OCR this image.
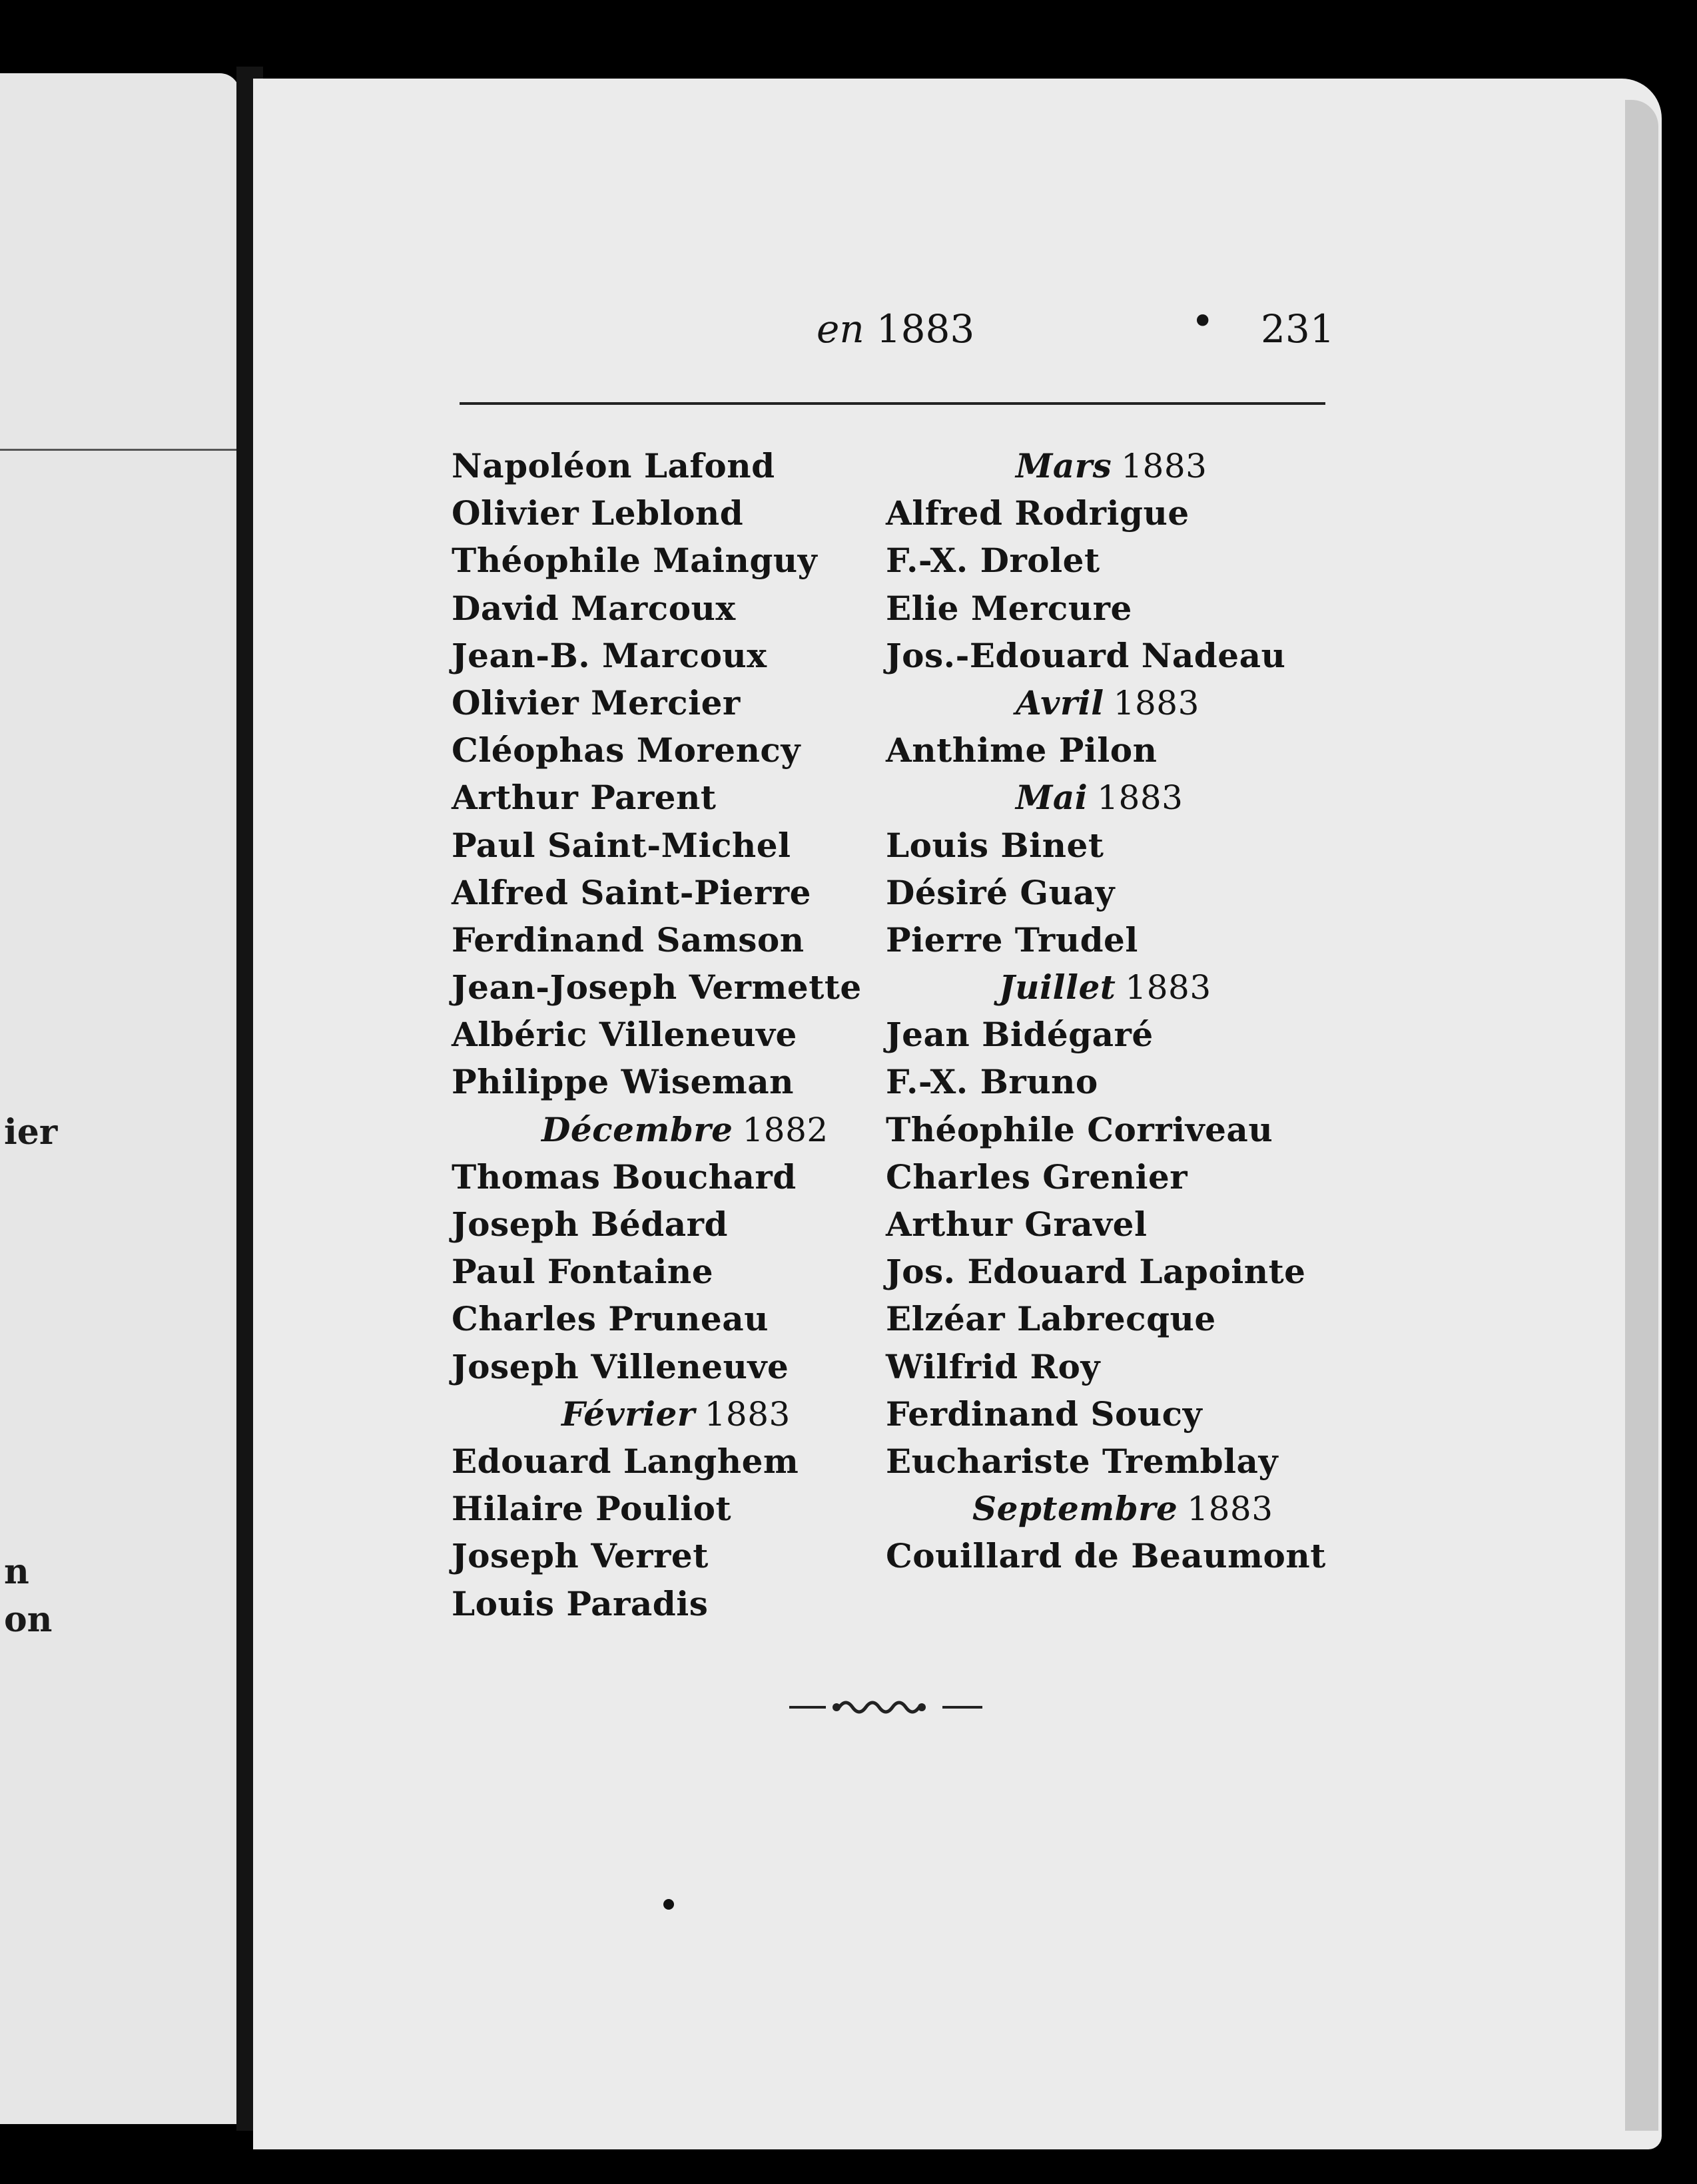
ier
n
on
en 1883	• 231
Napoléon Lafond
Olivier Leblond
Théophile Mainguy
David Marcoux
Jean-B. Marcoux
Olivier Mercier
Cléophas Morency
Arthur Parent
Paul Saint-Michel
Alfred Saint-Pierre
Ferdinand Samson
Jean-Joseph Vermette
Albéric Villeneuve
Philippe Wiseman
Décembre 1882
Thomas Bouchard
Joseph Bédard
Paul Fontaine
Charles Pruneau
Joseph Villeneuve
Février 1883
Edouard Langhem
Hilaire Pouliot
Joseph Verret
Louis Paradis
Mars 1883
Alfred Rodrigue
F.-X. Drolet
Elie Mercure
Jos.-Edouard Nadeau
Avril 1883
Anthime Pilon
Mai 1883
Louis Binet
Désiré Guay
Pierre Trudel
Juillet 1883
Jean Bidégaré
F.-X. Bruno
Théophile Corriveau
Charles Grenier
Arthur Gravel
Jos. Edouard Lapointe
Elzéar Labrecque
Wilfrid Roy
Ferdinand Soucy
Euchariste Tremblay
Septembre 1883
Couillard de Beaumont
